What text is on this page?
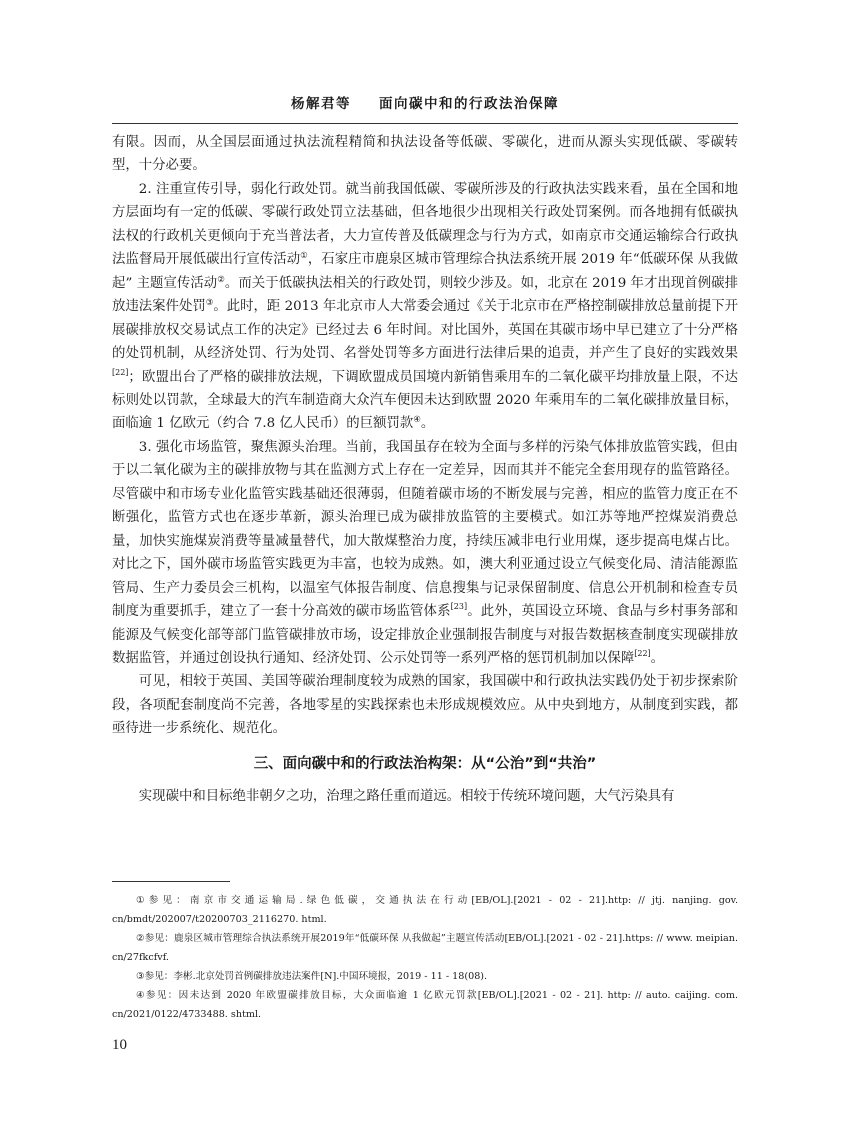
杨解君等 面向碳中和的行政法治保障

有限。因而，从全国层面通过执法流程精简和执法设备等低碳、零碳化，进而从源头实现低碳、零碳转型，十分必要。

2. 注重宣传引导，弱化行政处罚。就当前我国低碳、零碳所涉及的行政执法实践来看，虽在全国和地方层面均有一定的低碳、零碳行政处罚立法基础，但各地很少出现相关行政处罚案例。而各地拥有低碳执法权的行政机关更倾向于充当普法者，大力宣传普及低碳理念与行为方式，如南京市交通运输综合行政执法监督局开展低碳出行宣传活动①，石家庄市鹿泉区城市管理综合执法系统开展 2019 年“低碳环保 从我做起” 主题宣传活动②。而关于低碳执法相关的行政处罚，则较少涉及。如，北京在 2019 年才出现首例碳排放违法案件处罚③。此时，距 2013 年北京市人大常委会通过《关于北京市在严格控制碳排放总量前提下开展碳排放权交易试点工作的决定》已经过去 6 年时间。对比国外，英国在其碳市场中早已建立了十分严格的处罚机制，从经济处罚、行为处罚、名誉处罚等多方面进行法律后果的追责，并产生了良好的实践效果[22]；欧盟出台了严格的碳排放法规，下调欧盟成员国境内新销售乘用车的二氧化碳平均排放量上限，不达标则处以罚款，全球最大的汽车制造商大众汽车便因未达到欧盟 2020 年乘用车的二氧化碳排放量目标，面临逾 1 亿欧元（约合 7.8 亿人民币）的巨额罚款④。

3. 强化市场监管，聚焦源头治理。当前，我国虽存在较为全面与多样的污染气体排放监管实践，但由于以二氧化碳为主的碳排放物与其在监测方式上存在一定差异，因而其并不能完全套用现存的监管路径。尽管碳中和市场专业化监管实践基础还很薄弱，但随着碳市场的不断发展与完善，相应的监管力度正在不断强化，监管方式也在逐步革新，源头治理已成为碳排放监管的主要模式。如江苏等地严控煤炭消费总量，加快实施煤炭消费等量减量替代，加大散煤整治力度，持续压减非电行业用煤，逐步提高电煤占比。对比之下，国外碳市场监管实践更为丰富，也较为成熟。如，澳大利亚通过设立气候变化局、清洁能源监管局、生产力委员会三机构，以温室气体报告制度、信息搜集与记录保留制度、信息公开机制和检查专员制度为重要抓手，建立了一套十分高效的碳市场监管体系[23]。此外，英国设立环境、食品与乡村事务部和能源及气候变化部等部门监管碳排放市场，设定排放企业强制报告制度与对报告数据核查制度实现碳排放数据监管，并通过创设执行通知、经济处罚、公示处罚等一系列严格的惩罚机制加以保障[22]。

可见，相较于英国、美国等碳治理制度较为成熟的国家，我国碳中和行政执法实践仍处于初步探索阶段，各项配套制度尚不完善，各地零星的实践探索也未形成规模效应。从中央到地方，从制度到实践，都亟待进一步系统化、规范化。

三、面向碳中和的行政法治构架：从“公治”到“共治”

实现碳中和目标绝非朝夕之功，治理之路任重而道远。相较于传统环境问题，大气污染具有

①参见：南京市交通运输局.绿色低碳，交通执法在行动[EB/OL].[2021 - 02 - 21].http: // jtj. nanjing. gov. cn/bmdt/202007/t20200703_2116270. html.

②参见：鹿泉区城市管理综合执法系统开展2019年“低碳环保 从我做起”主题宣传活动[EB/OL].[2021 - 02 - 21].https: // www. meipian. cn/27fkcfvf.

③参见：李彬.北京处罚首例碳排放违法案件[N].中国环境报，2019 - 11 - 18(08).

④参见：因未达到 2020 年欧盟碳排放目标，大众面临逾 1 亿欧元罚款[EB/OL].[2021 - 02 - 21]. http: // auto. caijing. com. cn/2021/0122/4733488. shtml.

10
